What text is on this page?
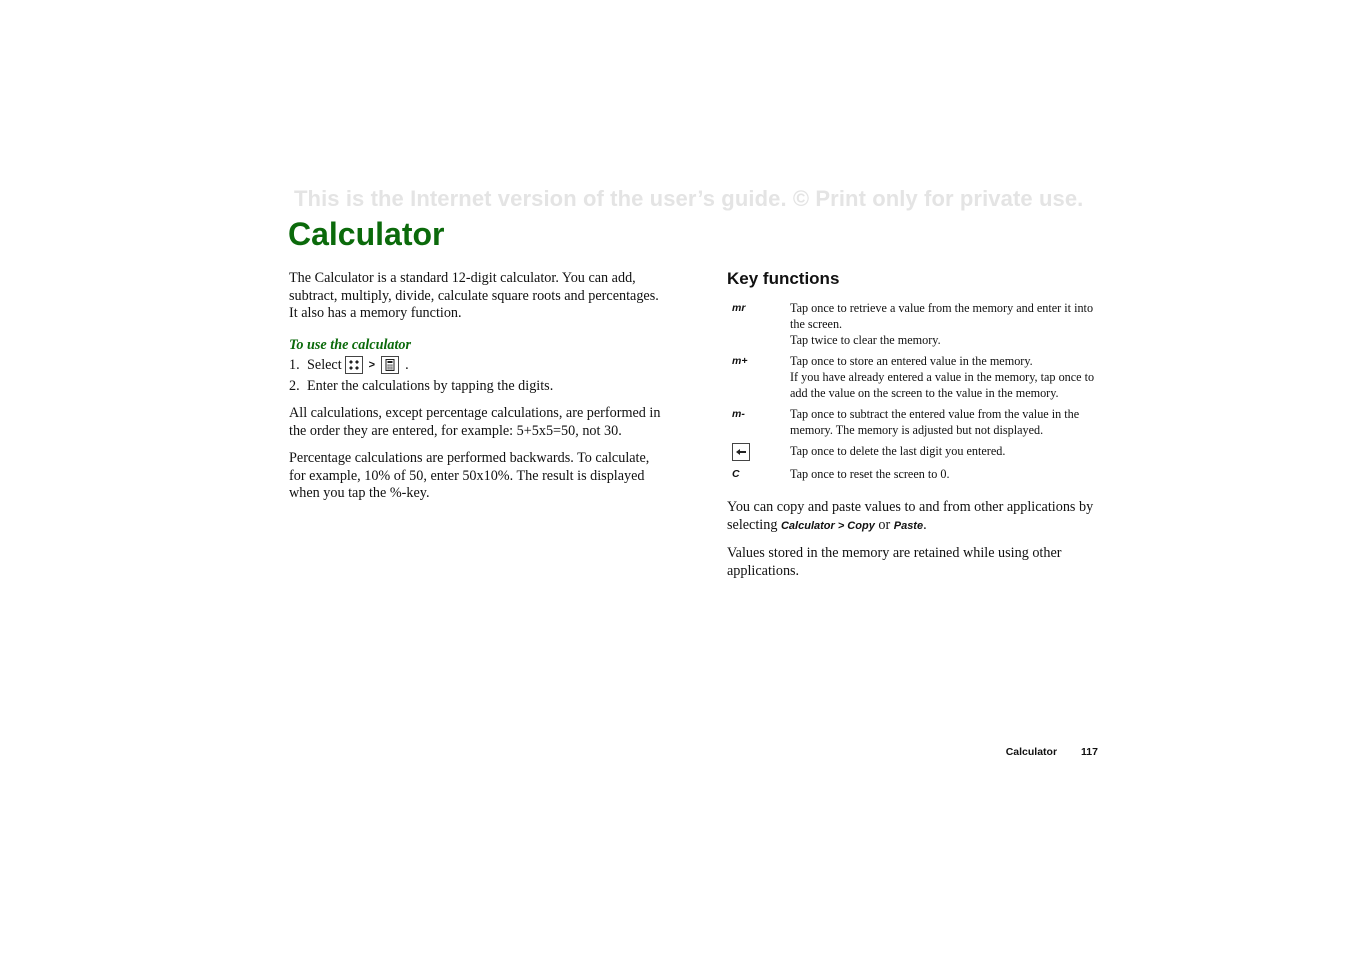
This is the Internet version of the user’s guide. © Print only for private use.
Calculator

The Calculator is a standard 12-digit calculator. You can add, subtract, multiply, divide, calculate square roots and percentages. It also has a memory function.

To use the calculator
1. Select > .
2. Enter the calculations by tapping the digits.

All calculations, except percentage calculations, are performed in the order they are entered, for example: 5+5x5=50, not 30.

Percentage calculations are performed backwards. To calculate, for example, 10% of 50, enter 50x10%. The result is displayed when you tap the %-key.

Key functions
mr	Tap once to retrieve a value from the memory and enter it into the screen.
Tap twice to clear the memory.

m+	Tap once to store an entered value in the memory.
If you have already entered a value in the memory, tap once to add the value on the screen to the value in the memory.

m-	Tap once to subtract the entered value from the value in the memory. The memory is adjusted but not displayed.

Tap once to delete the last digit you entered.

C	Tap once to reset the screen to 0.

You can copy and paste values to and from other applications by selecting Calculator > Copy or Paste.

Values stored in the memory are retained while using other applications.

Calculator 117
